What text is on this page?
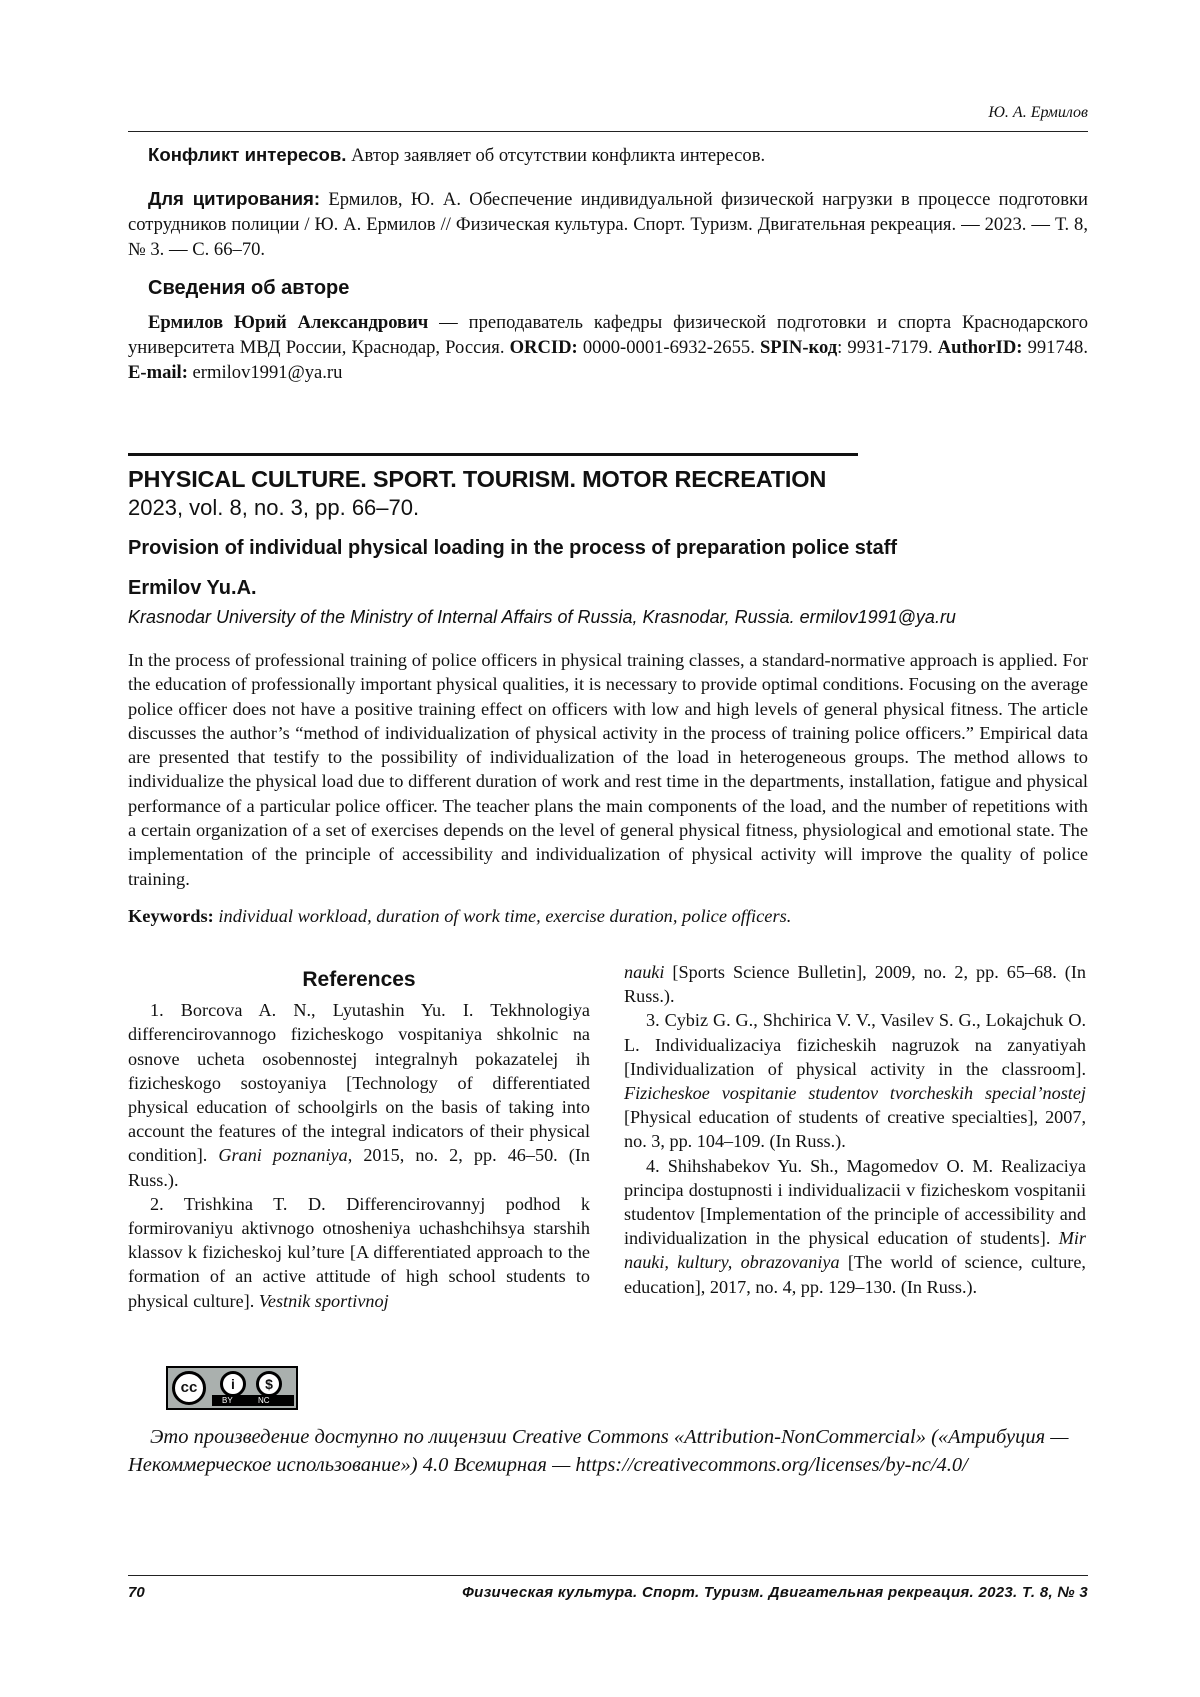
Ю. А. Ермилов
Конфликт интересов. Автор заявляет об отсутствии конфликта интересов.
Для цитирования: Ермилов, Ю. А. Обеспечение индивидуальной физической нагрузки в процессе подготовки сотрудников полиции / Ю. А. Ермилов // Физическая культура. Спорт. Туризм. Двигательная рекреация. — 2023. — Т. 8, № 3. — С. 66–70.
Сведения об авторе
Ермилов Юрий Александрович — преподаватель кафедры физической подготовки и спорта Краснодарского университета МВД России, Краснодар, Россия. ORCID: 0000-0001-6932-2655. SPIN-код: 9931-7179. AuthorID: 991748. E-mail: ermilov1991@ya.ru
PHYSICAL CULTURE. SPORT. TOURISM. MOTOR RECREATION
2023, vol. 8, no. 3, pp. 66–70.
Provision of individual physical loading in the process of preparation police staff
Ermilov Yu.A.
Krasnodar University of the Ministry of Internal Affairs of Russia, Krasnodar, Russia. ermilov1991@ya.ru
In the process of professional training of police officers in physical training classes, a standard-normative approach is applied. For the education of professionally important physical qualities, it is necessary to provide optimal conditions. Focusing on the average police officer does not have a positive training effect on officers with low and high levels of general physical fitness. The article discusses the author’s “method of individualization of physical activity in the process of training police officers.” Empirical data are presented that testify to the possibility of individualization of the load in heterogeneous groups. The method allows to individualize the physical load due to different duration of work and rest time in the departments, installation, fatigue and physical performance of a particular police officer. The teacher plans the main components of the load, and the number of repetitions with a certain organization of a set of exercises depends on the level of general physical fitness, physiological and emotional state. The implementation of the principle of accessibility and individualization of physical activity will improve the quality of police training.
Keywords: individual workload, duration of work time, exercise duration, police officers.
References

1. Borcova A. N., Lyutashin Yu. I. Tekhnologiya differencirovannogo fizicheskogo vospitaniya shkolnic na osnove ucheta osobennostej integralnyh pokazatelej ih fizicheskogo sostoyaniya [Technology of differentiated physical education of schoolgirls on the basis of taking into account the features of the integral indicators of their physical condition]. Grani poznaniya, 2015, no. 2, pp. 46–50. (In Russ.).

2. Trishkina T. D. Differencirovannyj podhod k formirovaniyu aktivnogo otnosheniya uchashchihsya starshih klassov k fizicheskoj kul’ture [A differentiated approach to the formation of an active attitude of high school students to physical culture]. Vestnik sportivnoj

nauki [Sports Science Bulletin], 2009, no. 2, pp. 65–68. (In Russ.).

3. Cybiz G. G., Shchirica V. V., Vasilev S. G., Lokajchuk O. L. Individualizaciya fizicheskih nagruzok na zanyatiyah [Individualization of physical activity in the classroom]. Fizicheskoe vospitanie studentov tvorcheskih special’nostej [Physical education of students of creative specialties], 2007, no. 3, pp. 104–109. (In Russ.).

4. Shihshabekov Yu. Sh., Magomedov O. M. Realizaciya principa dostupnosti i individualizacii v fizicheskom vospitanii studentov [Implementation of the principle of accessibility and individualization in the physical education of students]. Mir nauki, kultury, obrazovaniya [The world of science, culture, education], 2017, no. 4, pp. 129–130. (In Russ.).

cc	i	$
BY	NC
Это произведение доступно по лицензии Creative Commons «Attribution-NonCommercial» («Атрибуция —
Некоммерческое использование») 4.0 Всемирная — https://creativecommons.org/licenses/by-nc/4.0/
70	Физическая культура. Спорт. Туризм. Двигательная рекреация. 2023. Т. 8, № 3
